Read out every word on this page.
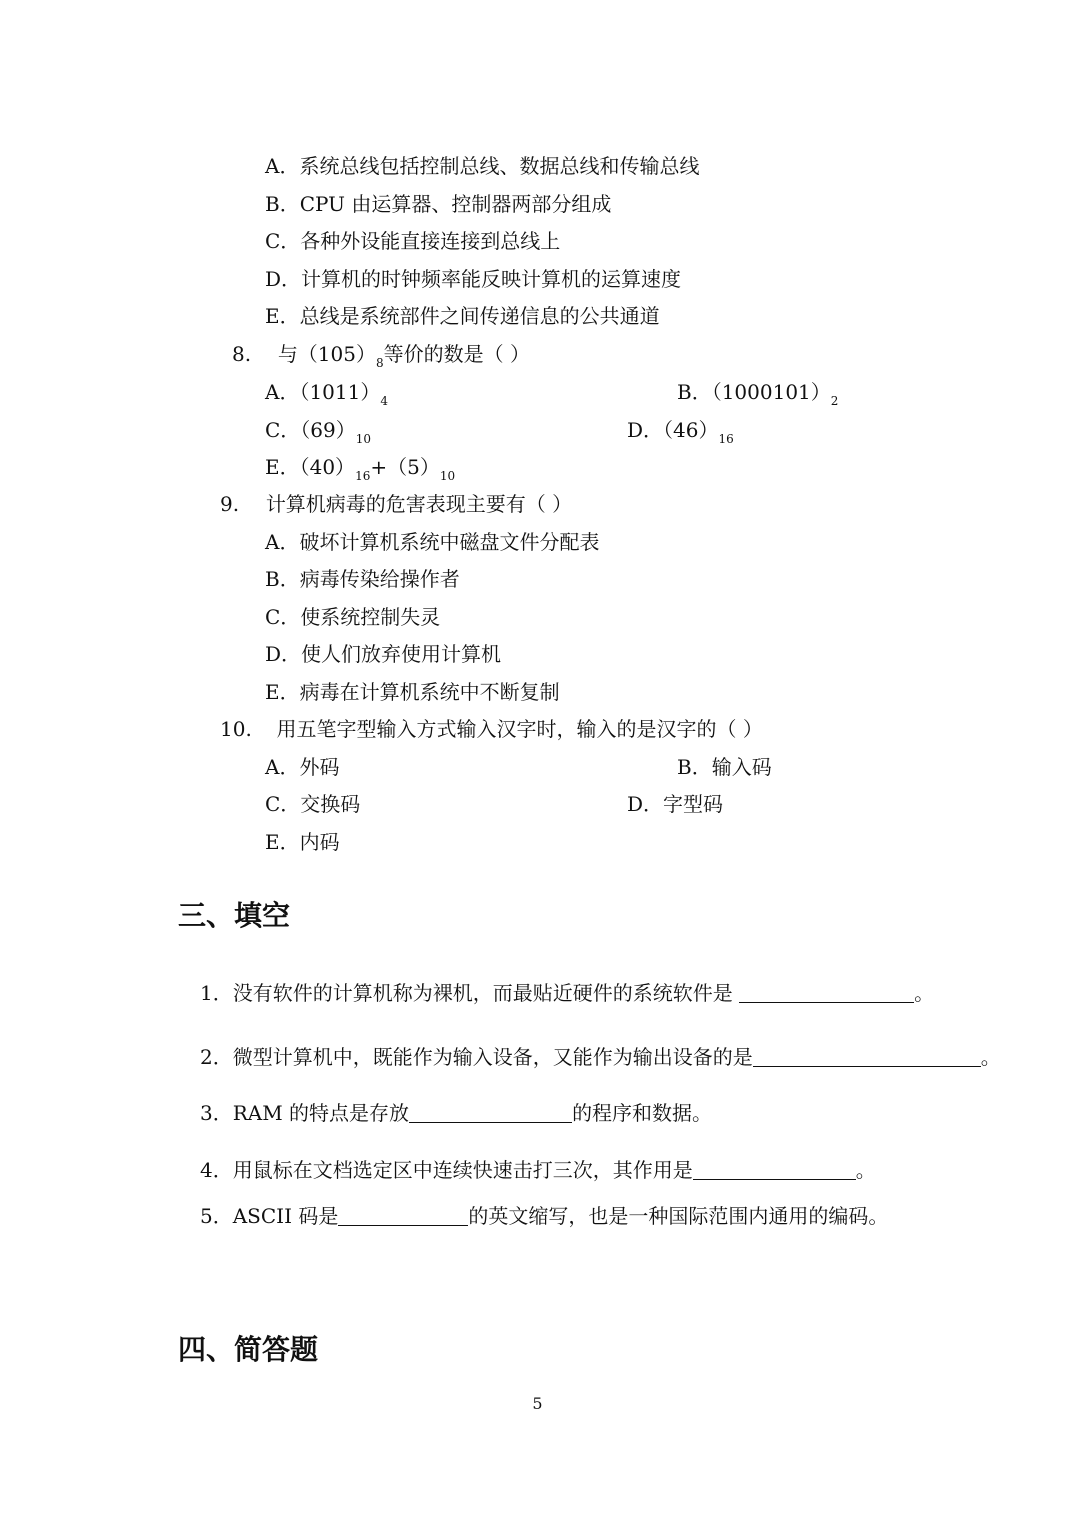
A．系统总线包括控制总线、数据总线和传输总线
B．CPU 由运算器、控制器两部分组成
C．各种外设能直接连接到总线上
D．计算机的时钟频率能反映计算机的运算速度
E．总线是系统部件之间传递信息的公共通道
8. 与$(105)_8$等价的数是（ ）
A．$(1011)_4$	B．$(1000101)_2$
C．$(69)_{10}$	D．$(46)_{16}$
E．$(40)_{16}+(5)_{10}$
9. 计算机病毒的危害表现主要有（ ）
A．破坏计算机系统中磁盘文件分配表
B．病毒传染给操作者
C．使系统控制失灵
D．使人们放弃使用计算机
E．病毒在计算机系统中不断复制
10. 用五笔字型输入方式输入汉字时，输入的是汉字的（ ）
A．外码	B．输入码
C．交换码	D．字型码
E．内码
三、填空
1．没有软件的计算机称为裸机，而最贴近硬件的系统软件是	。
2．微型计算机中，既能作为输入设备，又能作为输出设备的是	。
3．RAM 的特点是存放	的程序和数据。
4．用鼠标在文档选定区中连续快速击打三次，其作用是	。
5．ASCII 码是	的英文缩写，也是一种国际范围内通用的编码。
四、简答题
5
